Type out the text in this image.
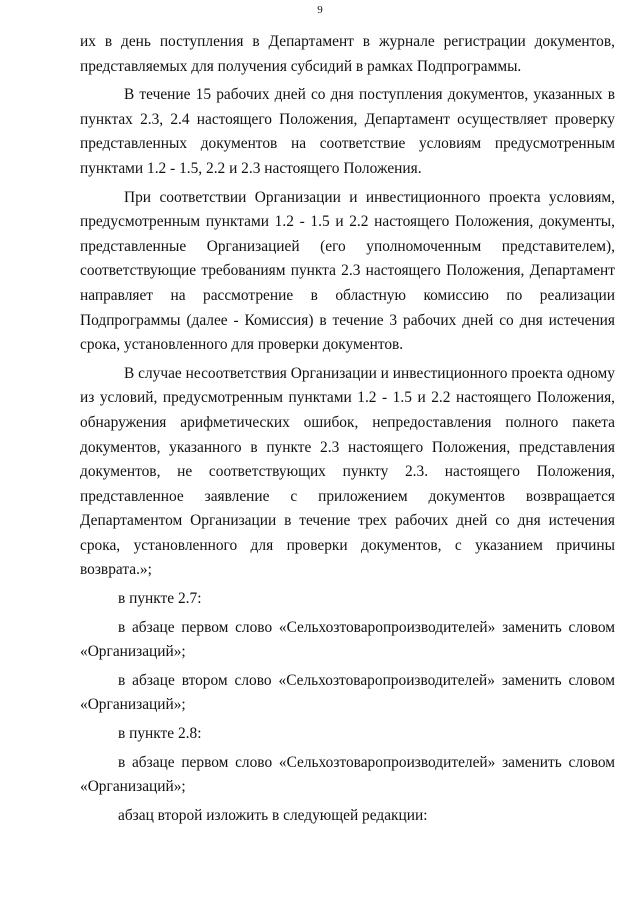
9

их в день поступления в Департамент в журнале регистрации документов, представляемых для получения субсидий в рамках Подпрограммы.

В течение 15 рабочих дней со дня поступления документов, указанных в пунктах 2.3, 2.4 настоящего Положения, Департамент осуществляет проверку представленных документов на соответствие условиям предусмотренным пунктами 1.2 - 1.5, 2.2 и 2.3 настоящего Положения.

При соответствии Организации и инвестиционного проекта условиям, предусмотренным пунктами 1.2 - 1.5 и 2.2 настоящего Положения, документы, представленные Организацией (его уполномоченным представителем), соответствующие требованиям пункта 2.3 настоящего Положения, Департамент направляет на рассмотрение в областную комиссию по реализации Подпрограммы (далее - Комиссия) в течение 3 рабочих дней со дня истечения срока, установленного для проверки документов.

В случае несоответствия Организации и инвестиционного проекта одному из условий, предусмотренным пунктами 1.2 - 1.5 и 2.2 настоящего Положения, обнаружения арифметических ошибок, непредоставления полного пакета документов, указанного в пункте 2.3 настоящего Положения, представления документов, не соответствующих пункту 2.3. настоящего Положения, представленное заявление с приложением документов возвращается Департаментом Организации в течение трех рабочих дней со дня истечения срока, установленного для проверки документов, с указанием причины возврата.»;

в пункте 2.7:

в абзаце первом слово «Сельхозтоваропроизводителей» заменить словом «Организаций»;

в абзаце втором слово «Сельхозтоваропроизводителей» заменить словом «Организаций»;

в пункте 2.8:

в абзаце первом слово «Сельхозтоваропроизводителей» заменить словом «Организаций»;

абзац второй изложить в следующей редакции:
